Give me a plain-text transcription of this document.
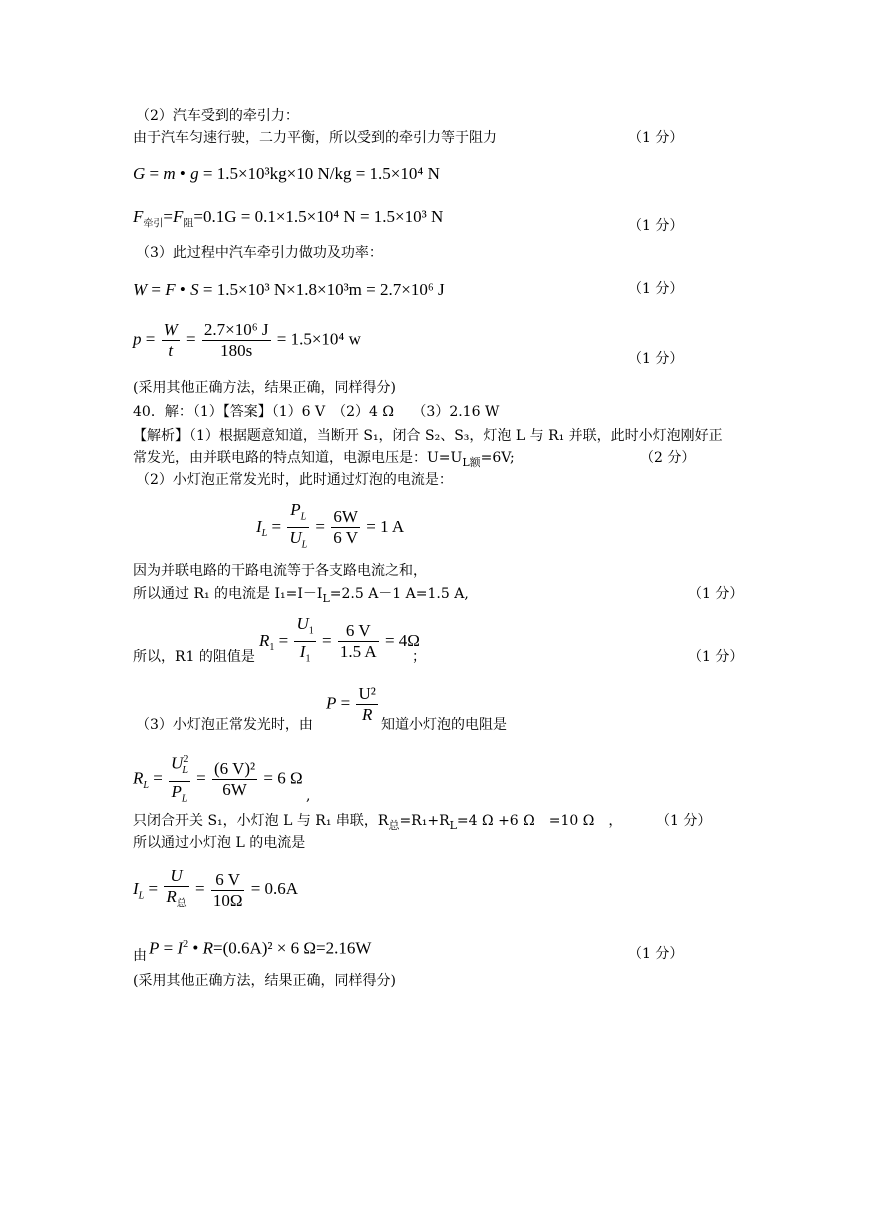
（2）汽车受到的牵引力：
由于汽车匀速行驶，二力平衡，所以受到的牵引力等于阻力	（1 分）
G = m • g = 1.5×10³kg×10 N/kg = 1.5×10⁴ N
$F_{牵引}=F_阻=0.1G = 0.1\times 1.5\times 10^4$ N = 1.5×10³ N	（1 分）
（3）此过程中汽车牵引力做功及功率：
W = F • S = 1.5×10³ N×1.8×10³m = 2.7×10⁶ J	（1 分）
$p = \frac{W}{t} = \frac{\text{2.7×10⁶ J}}{180s} = 1.5\times 10^4$ w
（1 分）
(采用其他正确方法，结果正确，同样得分)
40．解：（1）【答案】（1）6 V　（2）4 Ω　 （3）2.16 W
【解析】（1）根据题意知道，当断开 S₁，闭合 S₂、S₃，灯泡 L 与 R₁ 并联，此时小灯泡刚好正
常发光，由并联电路的特点知道，电源电压是：$U=U_{L额}=6V$;	（2 分）
（2）小灯泡正常发光时，此时通过灯泡的电流是：
$I_L = \frac{P_L}{U_L} = \frac{6W}{6 V} = 1$ A
因为并联电路的干路电流等于各支路电流之和，
所以通过 R₁ 的电流是 $I_1=I-I_L=2.5$ A－1 A=1.5 A,	（1 分）
$R_1 = \frac{U_1}{I_1} = \frac{6 V}{1.5 A} = 4\Omega$
所以，R1 的阻值是	；	（1 分）
$P = \frac{\text{U²}}{R}$
（3）小灯泡正常发光时，由	知道小灯泡的电阻是
$R_L = \frac{U^2_L}{P_L} = \frac{\text{(6 V)²}}{6W} = 6$ Ω
,
只闭合开关 S₁，小灯泡 L 与 R₁ 串联，$R_总=R_1+R_L=4$ Ω +6 Ω　=10 Ω　， （1 分）
所以通过小灯泡 L 的电流是
$I_L = \frac{U}{R_总} = \frac{6 V}{10\Omega} = 0.6A$
由 $P = I^2$ • R=(0.6A)² × 6 Ω=2.16W	（1 分）
(采用其他正确方法，结果正确，同样得分)
